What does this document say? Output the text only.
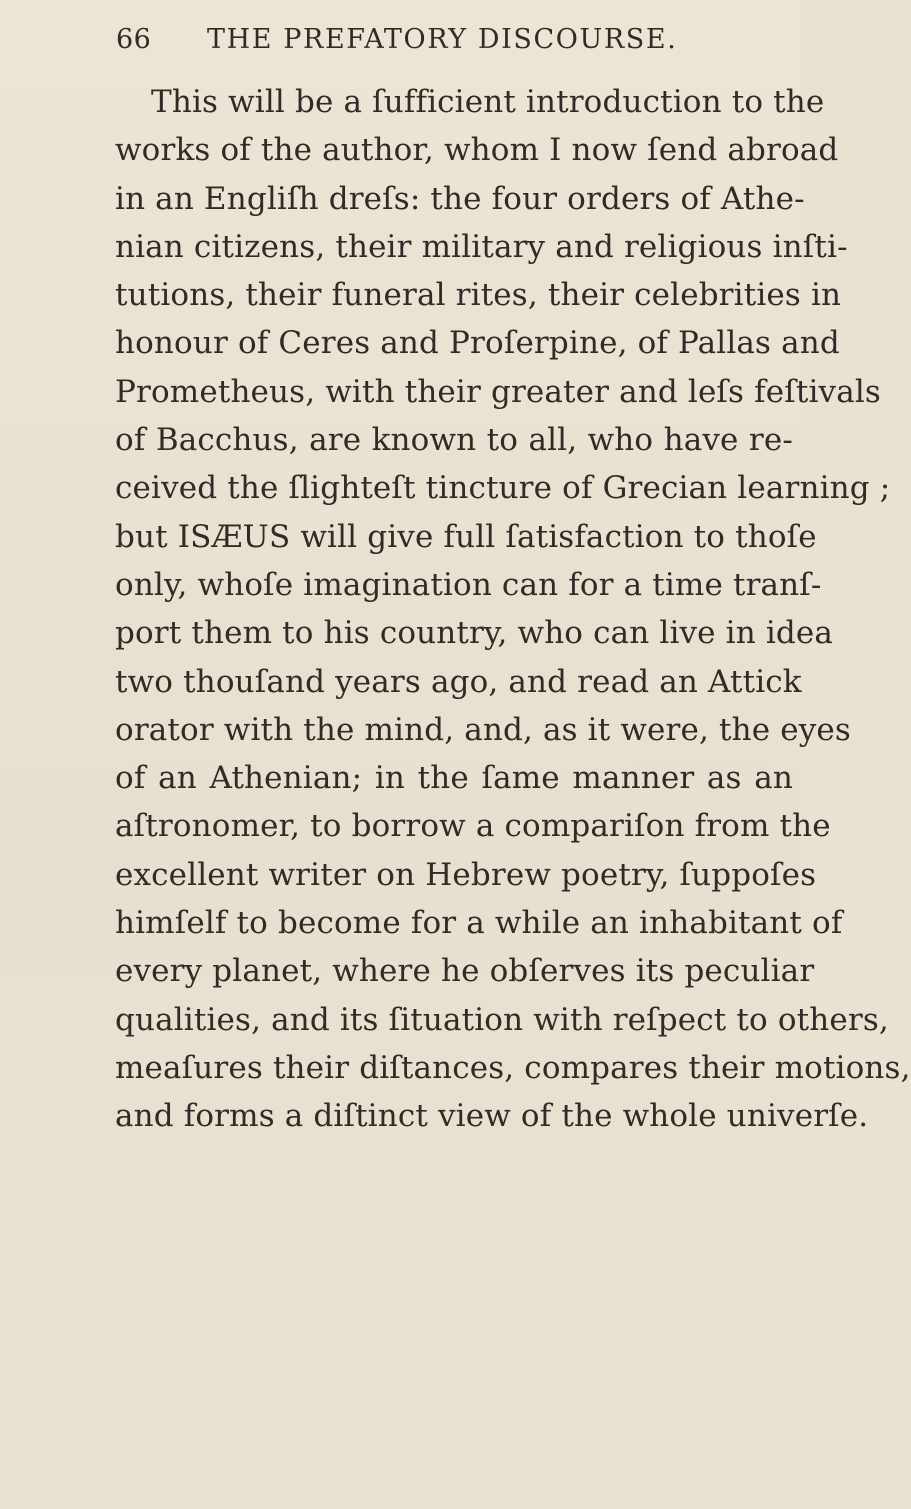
66 THE PREFATORY DISCOURSE.
This will be a ſufficient introduction to the
works of the author, whom I now ſend abroad
in an Engliſh dreſs: the four orders of Athe-
nian citizens, their military and religious inſti-
tutions, their funeral rites, their celebrities in
honour of Ceres and Proſerpine, of Pallas and
Prometheus, with their greater and leſs feſtivals
of Bacchus, are known to all, who have re-
ceived the ſlighteſt tincture of Grecian learning ;
but ISÆUS will give full ſatisfaction to thoſe
only, whoſe imagination can for a time tranſ-
port them to his country, who can live in idea
two thouſand years ago, and read an Attick
orator with the mind, and, as it were, the eyes
of an Athenian; in the ſame manner as an
aſtronomer, to borrow a compariſon from the
excellent writer on Hebrew poetry, ſuppoſes
himſelf to become for a while an inhabitant of
every planet, where he obſerves its peculiar
qualities, and its ſituation with reſpect to others,
meaſures their diſtances, compares their motions,
and forms a diſtinct view of the whole univerſe.
